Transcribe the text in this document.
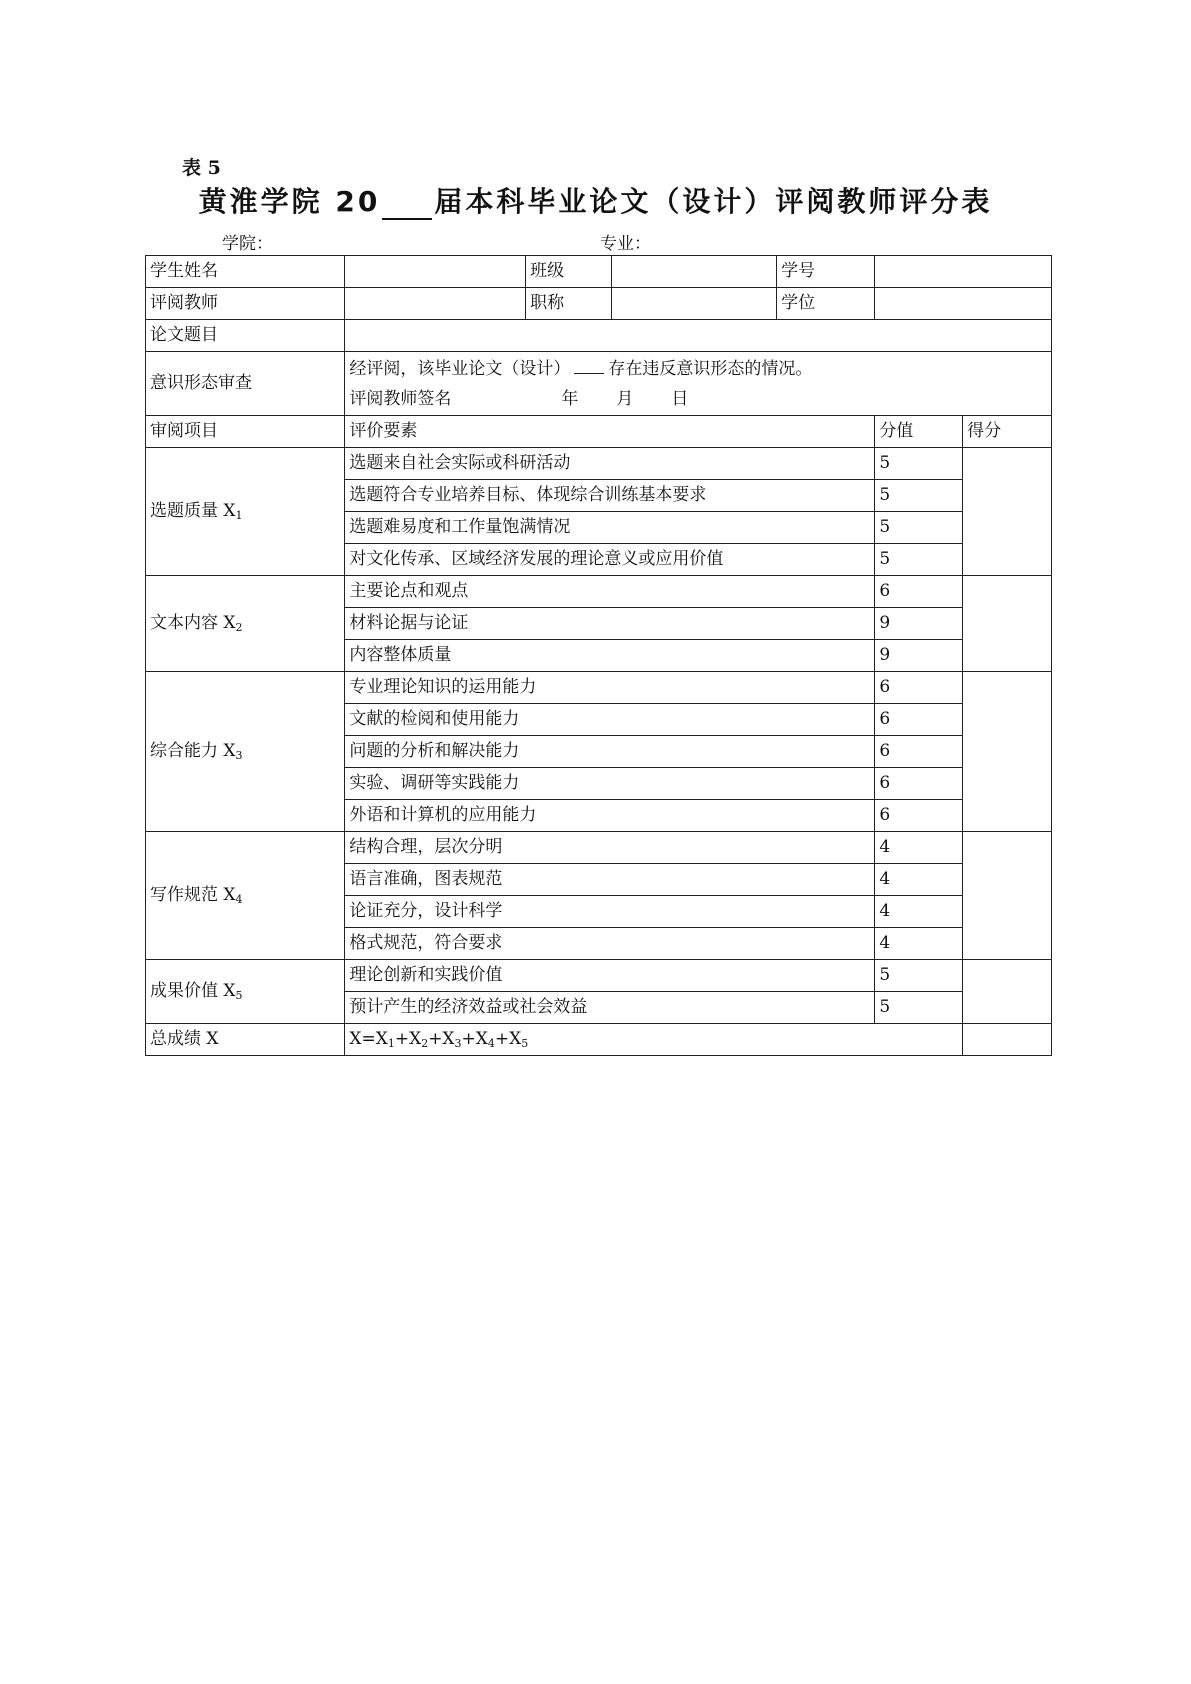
表 5
黄淮学院 20 届本科毕业论文（设计）评阅教师评分表
学院：	专业：
学生姓名		班级		学号		
评阅教师		职称		学位		
论文题目						
意识形态审查	经评阅，该毕业论文（设计） 存在违反意识形态的情况。
评阅教师签名 年 月 日					

审阅项目	评价要素				分值	得分
选题质量 $X_1$	选题来自社会实际或科研活动				5	
	选题符合专业培养目标、体现综合训练基本要求				5	
	选题难易度和工作量饱满情况				5	
	对文化传承、区域经济发展的理论意义或应用价值				5	
文本内容 $X_2$	主要论点和观点				6	
	材料论据与论证				9	
	内容整体质量				9	
综合能力 $X_3$	专业理论知识的运用能力				6	
	文献的检阅和使用能力				6	
	问题的分析和解决能力				6	
	实验、调研等实践能力				6	
	外语和计算机的应用能力				6	
写作规范 $X_4$	结构合理，层次分明				4	
	语言准确，图表规范				4	
	论证充分，设计科学				4	
	格式规范，符合要求				4	
成果价值 $X_5$	理论创新和实践价值				5	
	预计产生的经济效益或社会效益				5	
总成绩 X	$X=X_1+X_2+X_3+X_4+X_5$	
